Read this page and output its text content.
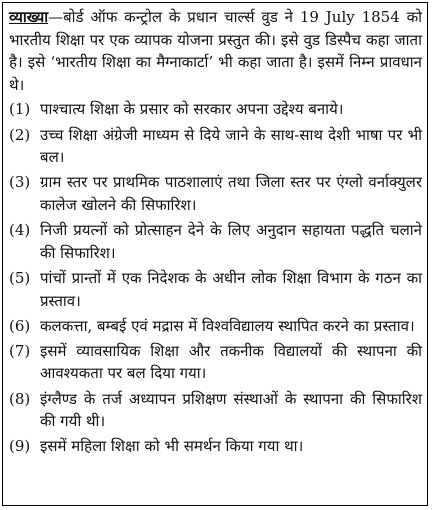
व्याख्या—बोर्ड ऑफ कन्ट्रोल के प्रधान चार्ल्स वुड ने 19 July 1854 को भारतीय शिक्षा पर एक व्यापक योजना प्रस्तुत की। इसे वुड डिस्पैच कहा जाता है। इसे ‘भारतीय शिक्षा का मैग्नाकार्टा’ भी कहा जाता है। इसमें निम्न प्रावधान थे।

(1) पाश्चात्य शिक्षा के प्रसार को सरकार अपना उद्देश्य बनाये।
(2) उच्च शिक्षा अंग्रेजी माध्यम से दिये जाने के साथ-साथ देशी भाषा पर भी बल।
(3) ग्राम स्तर पर प्राथमिक पाठशालाएं तथा जिला स्तर पर एंग्लो वर्नाक्युलर कालेज खोलने की सिफारिश।
(4) निजी प्रयत्नों को प्रोत्साहन देने के लिए अनुदान सहायता पद्धति चलाने की सिफारिश।
(5) पांचों प्रान्तों में एक निदेशक के अधीन लोक शिक्षा विभाग के गठन का प्रस्ताव।
(6) कलकत्ता, बम्बई एवं मद्रास में विश्वविद्यालय स्थापित करने का प्रस्ताव।
(7) इसमें व्यावसायिक शिक्षा और तकनीक विद्यालयों की स्थापना की आवश्यकता पर बल दिया गया।
(8) इंग्लैण्ड के तर्ज अध्यापन प्रशिक्षण संस्थाओं के स्थापना की सिफारिश की गयी थी।
(9) इसमें महिला शिक्षा को भी समर्थन किया गया था।
